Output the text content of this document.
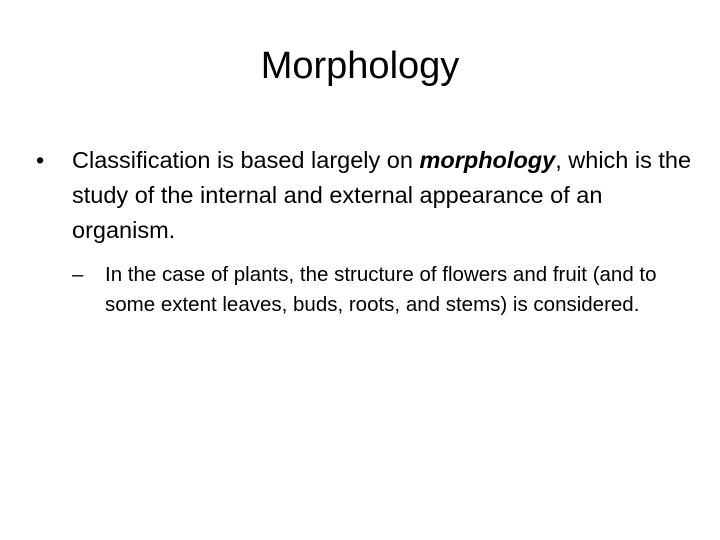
Morphology
•	Classification is based largely on morphology, which is the study of the internal and external appearance of an organism.
–	In the case of plants, the structure of flowers and fruit (and to some extent leaves, buds, roots, and stems) is considered.
